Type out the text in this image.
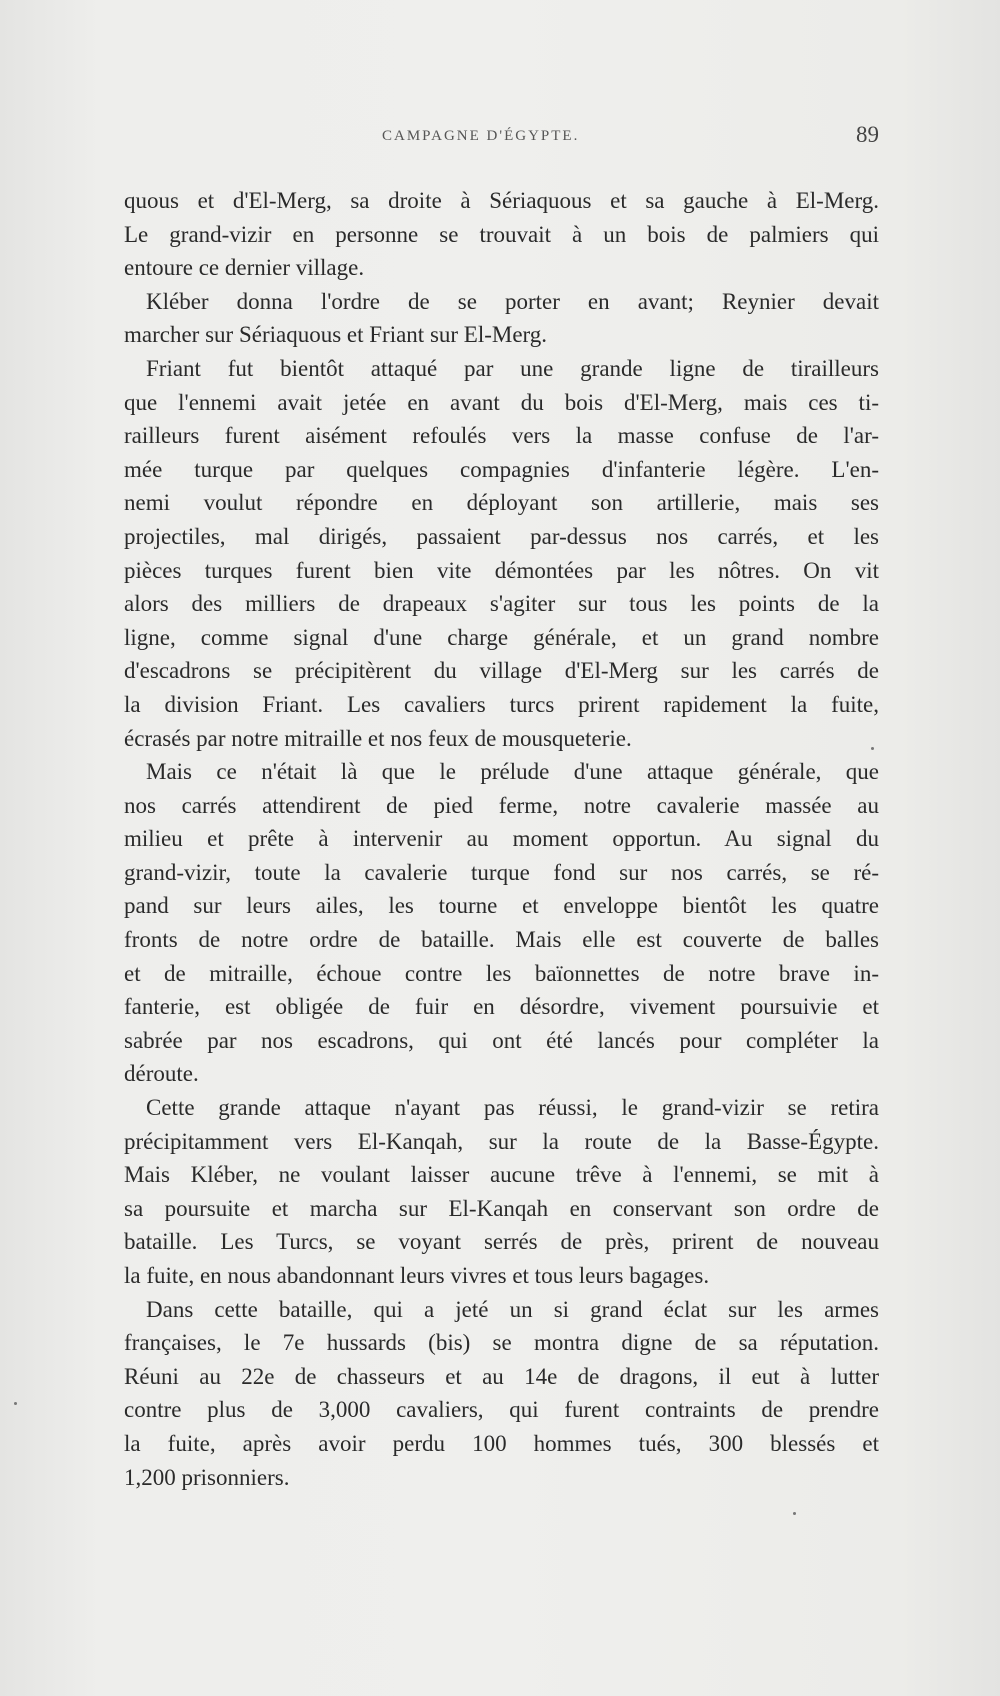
CAMPAGNE D'ÉGYPTE.	89
quous et d'El-Merg, sa droite à Sériaquous et sa gauche à El-Merg.
Le grand-vizir en personne se trouvait à un bois de palmiers qui
entoure ce dernier village.
Kléber donna l'ordre de se porter en avant; Reynier devait
marcher sur Sériaquous et Friant sur El-Merg.
Friant fut bientôt attaqué par une grande ligne de tirailleurs
que l'ennemi avait jetée en avant du bois d'El-Merg, mais ces ti-
railleurs furent aisément refoulés vers la masse confuse de l'ar-
mée turque par quelques compagnies d'infanterie légère. L'en-
nemi voulut répondre en déployant son artillerie, mais ses
projectiles, mal dirigés, passaient par-dessus nos carrés, et les
pièces turques furent bien vite démontées par les nôtres. On vit
alors des milliers de drapeaux s'agiter sur tous les points de la
ligne, comme signal d'une charge générale, et un grand nombre
d'escadrons se précipitèrent du village d'El-Merg sur les carrés de
la division Friant. Les cavaliers turcs prirent rapidement la fuite,
écrasés par notre mitraille et nos feux de mousqueterie.
Mais ce n'était là que le prélude d'une attaque générale, que
nos carrés attendirent de pied ferme, notre cavalerie massée au
milieu et prête à intervenir au moment opportun. Au signal du
grand-vizir, toute la cavalerie turque fond sur nos carrés, se ré-
pand sur leurs ailes, les tourne et enveloppe bientôt les quatre
fronts de notre ordre de bataille. Mais elle est couverte de balles
et de mitraille, échoue contre les baïonnettes de notre brave in-
fanterie, est obligée de fuir en désordre, vivement poursuivie et
sabrée par nos escadrons, qui ont été lancés pour compléter la
déroute.
Cette grande attaque n'ayant pas réussi, le grand-vizir se retira
précipitamment vers El-Kanqah, sur la route de la Basse-Égypte.
Mais Kléber, ne voulant laisser aucune trêve à l'ennemi, se mit à
sa poursuite et marcha sur El-Kanqah en conservant son ordre de
bataille. Les Turcs, se voyant serrés de près, prirent de nouveau
la fuite, en nous abandonnant leurs vivres et tous leurs bagages.
Dans cette bataille, qui a jeté un si grand éclat sur les armes
françaises, le 7e hussards (bis) se montra digne de sa réputation.
Réuni au 22e de chasseurs et au 14e de dragons, il eut à lutter
contre plus de 3,000 cavaliers, qui furent contraints de prendre
la fuite, après avoir perdu 100 hommes tués, 300 blessés et
1,200 prisonniers.
